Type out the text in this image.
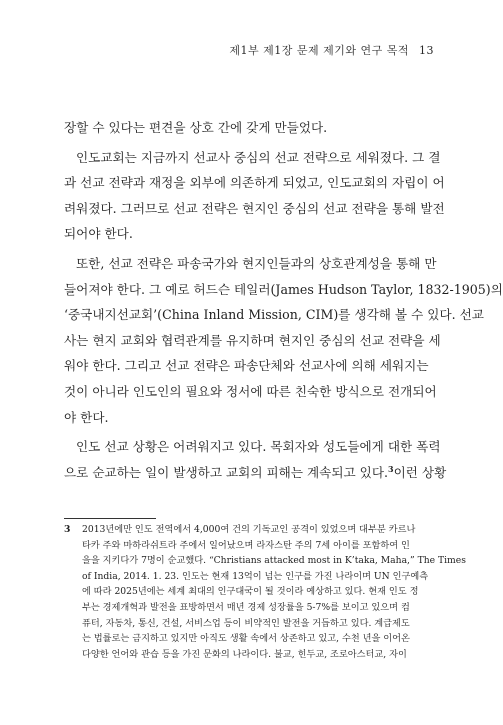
제1부 제1장 문제 제기와 연구 목적 13
장할 수 있다는 편견을 상호 간에 갖게 만들었다.
인도교회는 지금까지 선교사 중심의 선교 전략으로 세워졌다. 그 결
과 선교 전략과 재정을 외부에 의존하게 되었고, 인도교회의 자립이 어
려워졌다. 그러므로 선교 전략은 현지인 중심의 선교 전략을 통해 발전
되어야 한다.
또한, 선교 전략은 파송국가와 현지인들과의 상호관계성을 통해 만
들어져야 한다. 그 예로 허드슨 테일러(James Hudson Taylor, 1832-1905)의
‘중국내지선교회’(China Inland Mission, CIM)를 생각해 볼 수 있다. 선교
사는 현지 교회와 협력관계를 유지하며 현지인 중심의 선교 전략을 세
워야 한다. 그리고 선교 전략은 파송단체와 선교사에 의해 세워지는
것이 아니라 인도인의 필요와 정서에 따른 친숙한 방식으로 전개되어
야 한다.
인도 선교 상황은 어려워지고 있다. 목회자와 성도들에게 대한 폭력
으로 순교하는 일이 발생하고 교회의 피해는 계속되고 있다.$^3$이런 상황
3	2013년에만 인도 전역에서 4,000여 건의 기독교인 공격이 있었으며 대부분 카르나
타카 주와 마하라쉬트라 주에서 일어났으며 라자스탄 주의 7세 아이를 포함하여 인
을을 지키다가 7명이 순교했다. “Christians attacked most in K’taka, Maha,” The Times
of India, 2014. 1. 23. 인도는 현재 13억이 넘는 인구를 가진 나라이며 UN 인구예측
에 따라 2025년에는 세계 최대의 인구대국이 될 것이라 예상하고 있다. 현재 인도 정
부는 경제개혁과 발전을 표방하면서 매년 경제 성장률을 5-7%를 보이고 있으며 컴
퓨터, 자동차, 통신, 건설, 서비스업 등이 비약적인 발전을 거듭하고 있다. 계급제도
는 법률로는 금지하고 있지만 아직도 생활 속에서 상존하고 있고, 수천 년을 이어온
다양한 언어와 관습 등을 가진 문화의 나라이다. 불교, 힌두교, 조로아스터교, 자이
